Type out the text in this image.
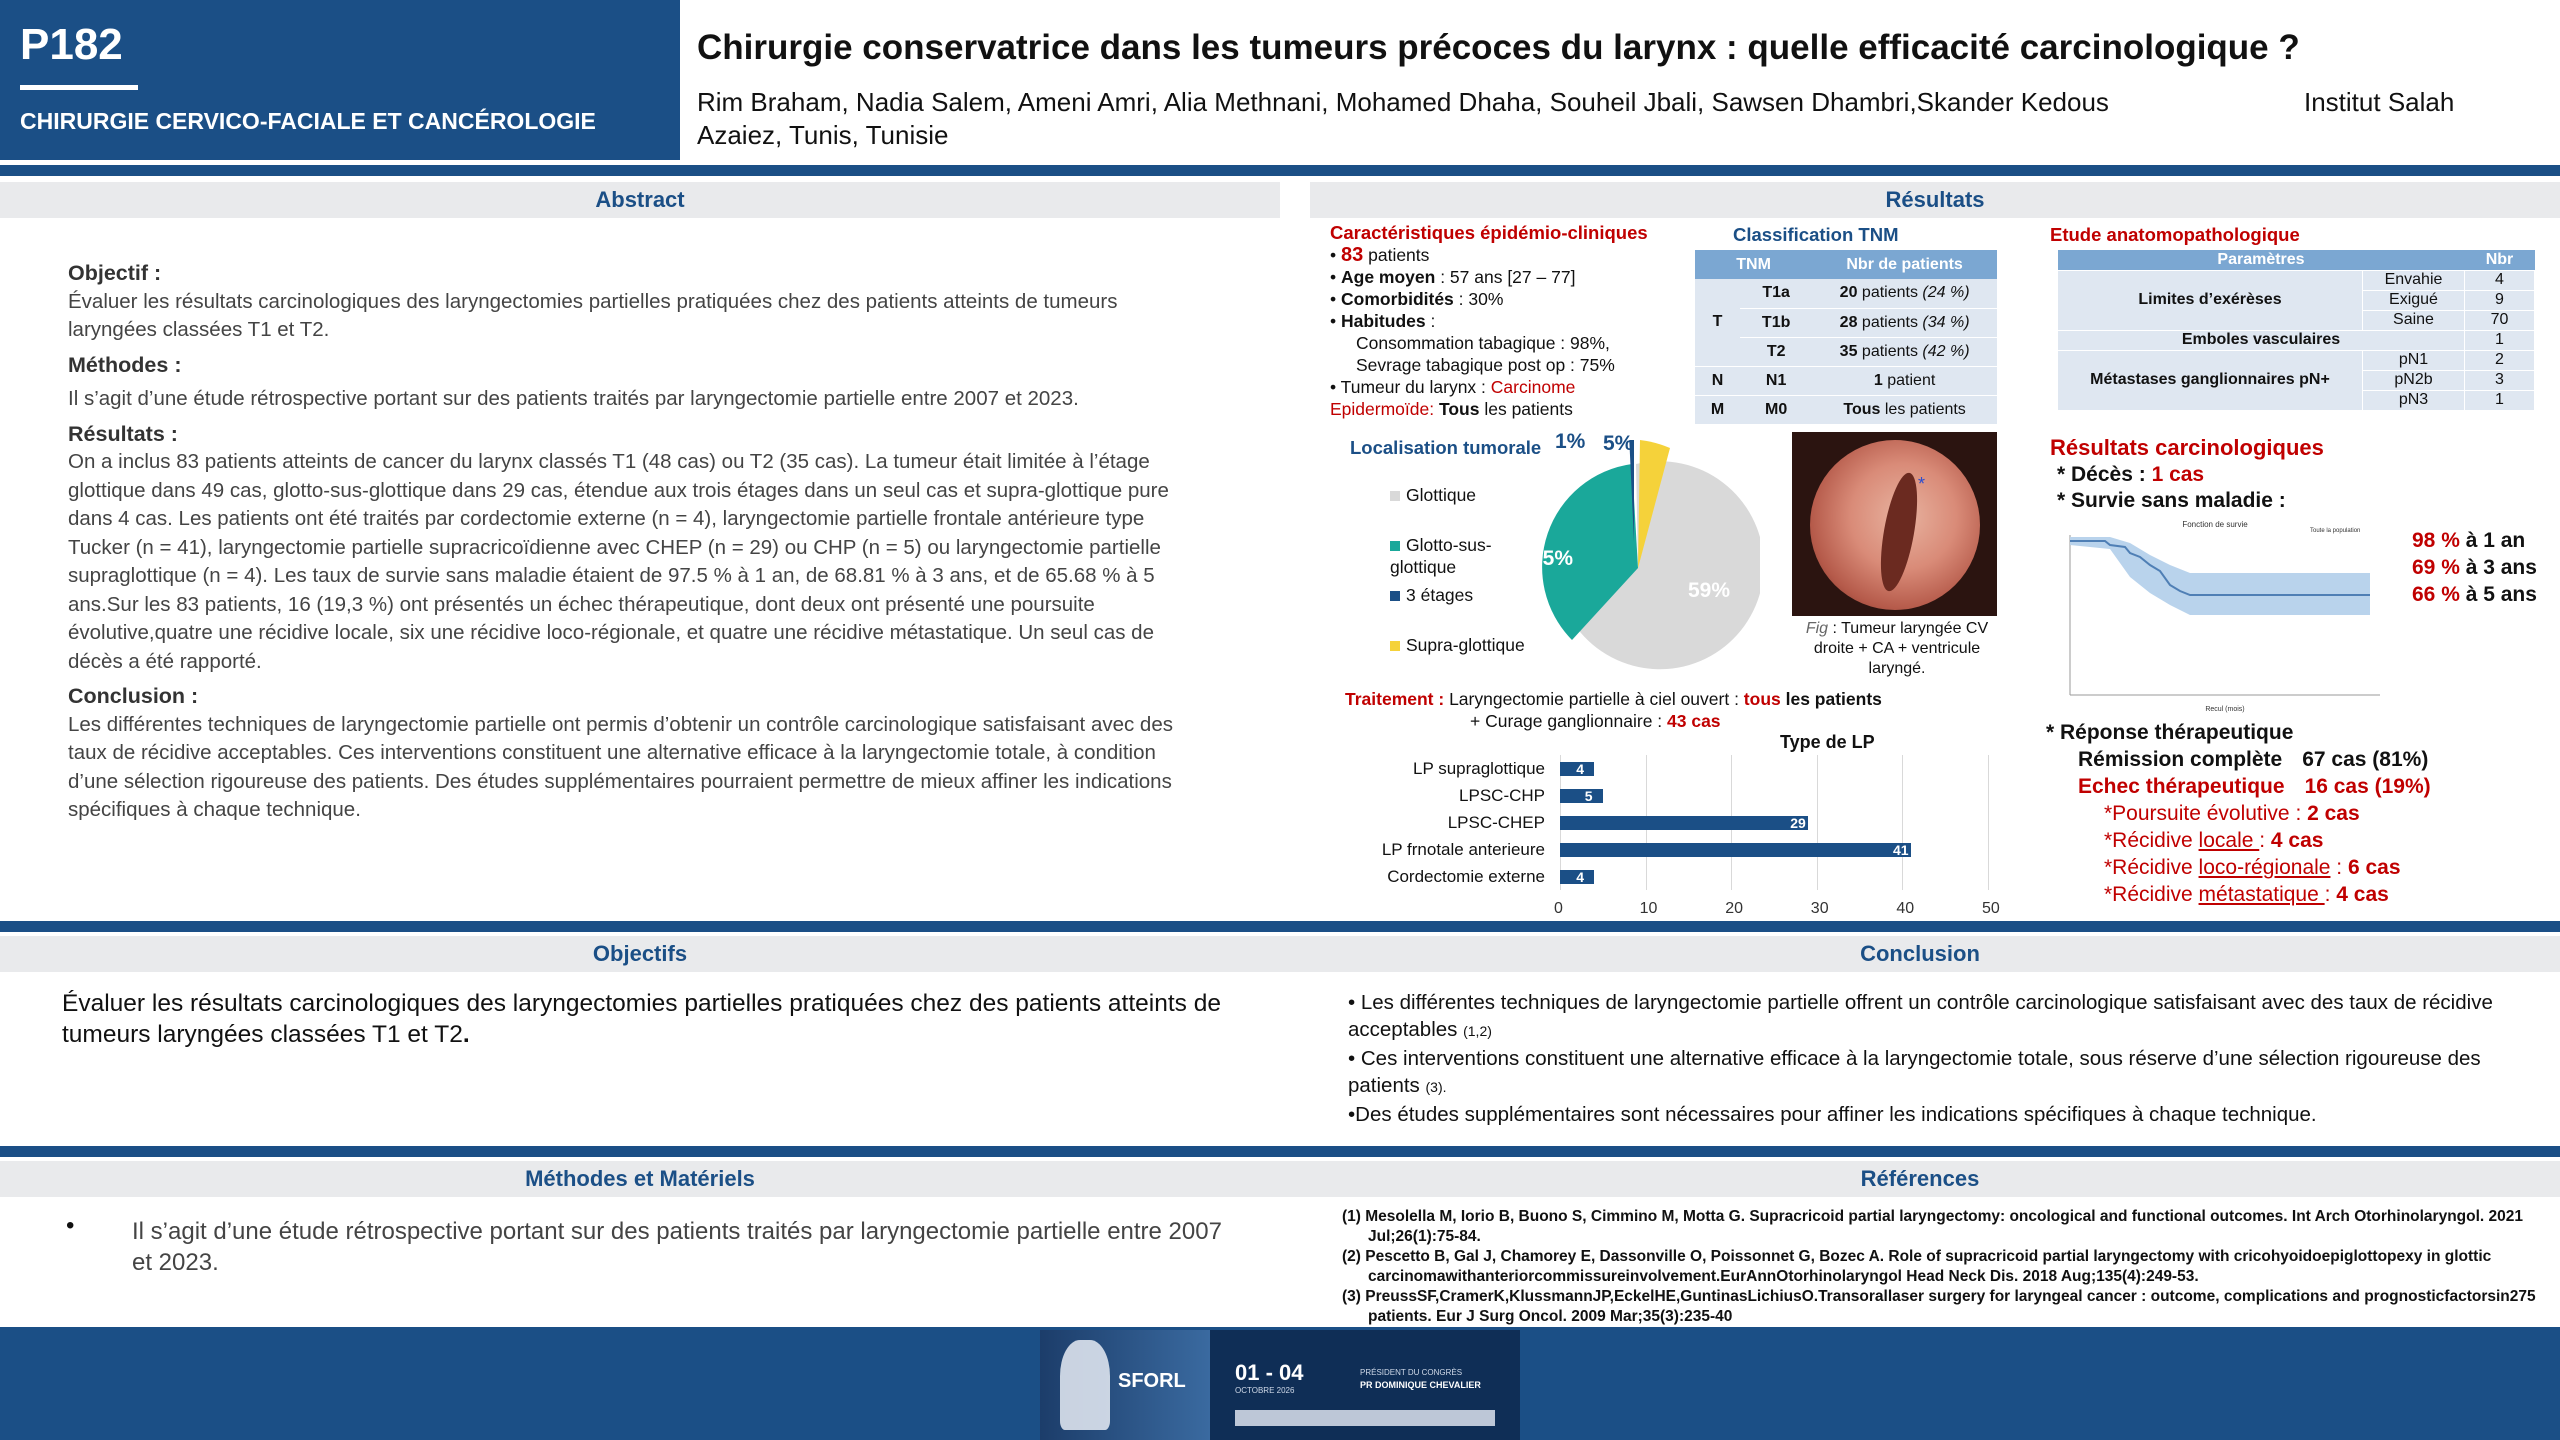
P182
CHIRURGIE CERVICO-FACIALE ET CANCÉROLOGIE
Chirurgie conservatrice dans les tumeurs précoces du larynx : quelle efficacité carcinologique ?
Rim Braham, Nadia Salem, Ameni Amri, Alia Methnani, Mohamed Dhaha, Souheil Jbali, Sawsen Dhambri,Skander Kedous	Institut Salah
Azaiez, Tunis, Tunisie
Abstract
Objectif :
Évaluer les résultats carcinologiques des laryngectomies partielles pratiquées chez des patients atteints de tumeurs laryngées classées T1 et T2.
Méthodes :
Il s’agit d’une étude rétrospective portant sur des patients traités par laryngectomie partielle entre 2007 et 2023.
Résultats :
On a inclus 83 patients atteints de cancer du larynx classés T1 (48 cas) ou T2 (35 cas). La tumeur était limitée à l’étage glottique dans 49 cas, glotto-sus-glottique dans 29 cas, étendue aux trois étages dans un seul cas et supra-glottique pure dans 4 cas. Les patients ont été traités par cordectomie externe (n = 4), laryngectomie partielle frontale antérieure type Tucker (n = 41), laryngectomie partielle supracricoïdienne avec CHEP (n = 29) ou CHP (n = 5) ou laryngectomie partielle supraglottique (n = 4). Les taux de survie sans maladie étaient de 97.5 % à 1 an, de 68.81 % à 3 ans, et de 65.68 % à 5 ans.Sur les 83 patients, 16 (19,3 %) ont présentés un échec thérapeutique, dont deux ont présenté une poursuite évolutive,quatre une récidive locale, six une récidive loco-régionale, et quatre une récidive métastatique. Un seul cas de décès a été rapporté.
Conclusion :
Les différentes techniques de laryngectomie partielle ont permis d’obtenir un contrôle carcinologique satisfaisant avec des taux de récidive acceptables. Ces interventions constituent une alternative efficace à la laryngectomie totale, à condition d’une sélection rigoureuse des patients. Des études supplémentaires pourraient permettre de mieux affiner les indications spécifiques à chaque technique.
Résultats
Caractéristiques épidémio-cliniques
• 83 patients
• Age moyen : 57 ans [27 – 77]
• Comorbidités : 30%
• Habitudes :
Consommation tabagique : 98%,
Sevrage tabagique post op : 75%
• Tumeur du larynx : Carcinome
Epidermoïde: Tous les patients
Classification TNM
TNM		Nbr de patients
T	T1a	20 patients (24 %)
	T1b	28 patients (34 %)
	T2	35 patients (42 %)
N	N1	1 patient
M	M0	Tous les patients
Localisation tumorale
Glottique
Glotto-sus-glottique
3 étages
Supra-glottique
59%
35%
1% 5%
*
Fig : Tumeur laryngée CV droite + CA + ventricule laryngé.
Traitement : Laryngectomie partielle à ciel ouvert : tous les patients
+ Curage ganglionnaire : 43 cas
Type de LP
LP supraglottique
LPSC-CHP
LPSC-CHEP
LP frnotale anterieure
Cordectomie externe
4
5
29
41
4
0	10	20	30	40	50
Etude anatomopathologique
Paramètres		Nbr
Limites d’exérèses	Envahie	4
	Exigué	9
	Saine	70
Emboles vasculaires		1
Métastases ganglionnaires pN+	pN1	2
	pN2b	3
	pN3	1
Résultats carcinologiques
* Décès : 1 cas
* Survie sans maladie :
Fonction de survie
Recul (mois)
Toute la population 98 % à 1 an
69 % à 3 ans
66 % à 5 ans
* Réponse thérapeutique
Rémission complète 67 cas (81%)
Echec thérapeutique 16 cas (19%)
*Poursuite évolutive : 2 cas
*Récidive locale : 4 cas
*Récidive loco-régionale : 6 cas
*Récidive métastatique : 4 cas
Objectifs
Évaluer les résultats carcinologiques des laryngectomies partielles pratiquées chez des patients atteints de tumeurs laryngées classées T1 et T2.
Conclusion
• Les différentes techniques de laryngectomie partielle offrent un contrôle carcinologique satisfaisant avec des taux de récidive acceptables (1,2)
• Ces interventions constituent une alternative efficace à la laryngectomie totale, sous réserve d’une sélection rigoureuse des patients (3).
•Des études supplémentaires sont nécessaires pour affiner les indications spécifiques à chaque technique.
Méthodes et Matériels
• Il s’agit d’une étude rétrospective portant sur des patients traités par laryngectomie partielle entre 2007 et 2023.
Références
(1) Mesolella M, Iorio B, Buono S, Cimmino M, Motta G. Supracricoid partial laryngectomy: oncological and functional outcomes. Int Arch Otorhinolaryngol. 2021 Jul;26(1):75-84.
(2) Pescetto B, Gal J, Chamorey E, Dassonville O, Poissonnet G, Bozec A. Role of supracricoid partial laryngectomy with cricohyoidoepiglottopexy in glottic carcinomawithanteriorcommissureinvolvement.EurAnnOtorhinolaryngol Head Neck Dis. 2018 Aug;135(4):249-53.
(3) PreussSF,CramerK,KlussmannJP,EckelHE,GuntinasLichiusO.Transorallaser surgery for laryngeal cancer : outcome, complications and prognosticfactorsin275 patients. Eur J Surg Oncol. 2009 Mar;35(3):235-40
SFORL 01 - 04
OCTOBRE 2026
PRÉSIDENT DU CONGRÈS
PR DOMINIQUE CHEVALIER
